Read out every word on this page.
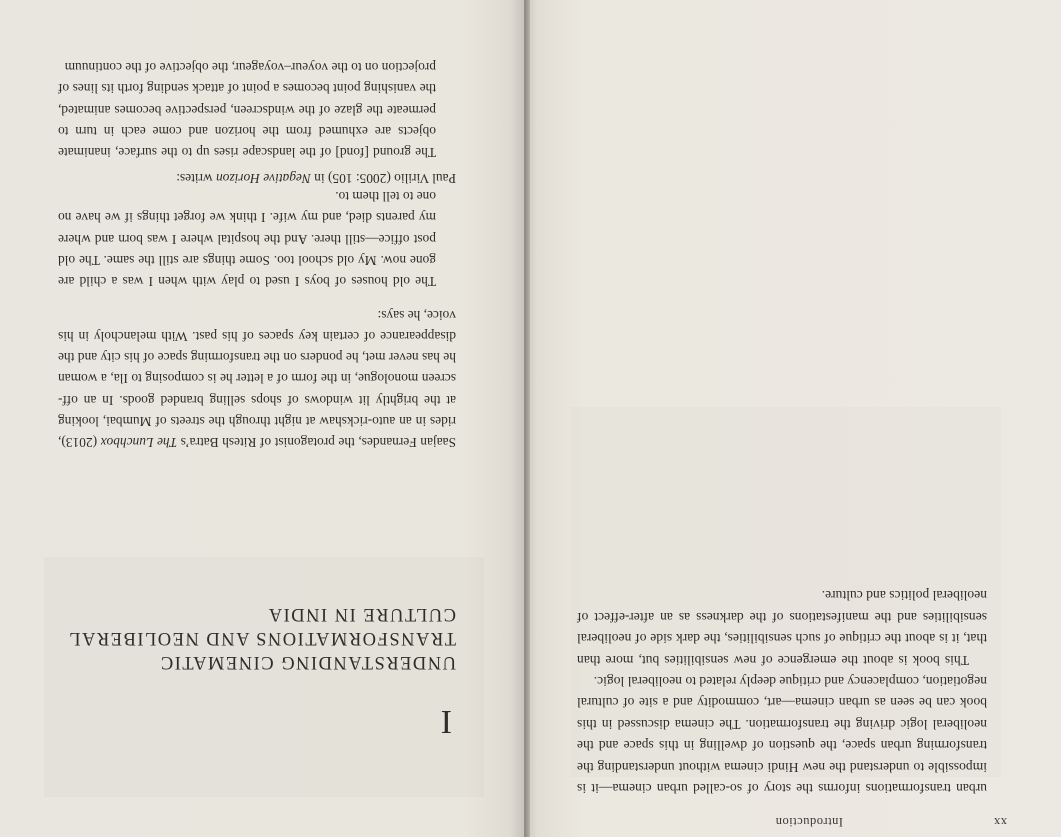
xx
Introduction

urban transformations informs the story of so-called urban cinema—it is impossible to understand the new Hindi cinema without understanding the transforming urban space, the question of dwelling in this space and the neoliberal logic driving the transformation. The cinema discussed in this book can be seen as urban cinema—art, commodity and a site of cultural negotiation, complacency and critique deeply related to neoliberal logic.

This book is about the emergence of new sensibilities but, more than that, it is about the critique of such sensibilities, the dark side of neoliberal sensibilities and the manifestations of the darkness as an after-effect of neoliberal politics and culture.

I
UNDERSTANDING CINEMATIC
TRANSFORMATIONS AND NEOLIBERAL
CULTURE IN INDIA
Saajan Fernandes, the protagonist of Ritesh Batra’s The Lunchbox (2013), rides in an auto-rickshaw at night through the streets of Mumbai, looking at the brightly lit windows of shops selling branded goods. In an off-screen monologue, in the form of a letter he is composing to Ila, a woman he has never met, he ponders on the transforming space of his city and the disappearance of certain key spaces of his past. With melancholy in his voice, he says:
The old houses of boys I used to play with when I was a child are gone now. My old school too. Some things are still the same. The old post office—still there. And the hospital where I was born and where my parents died, and my wife. I think we forget things if we have no one to tell them to.
Paul Virilio (2005: 105) in Negative Horizon writes:
The ground [fond] of the landscape rises up to the surface, inanimate objects are exhumed from the horizon and come each in turn to permeate the glaze of the windscreen, perspective becomes animated, the vanishing point becomes a point of attack sending forth its lines of projection on to the voyeur–voyageur, the objective of the continuum
